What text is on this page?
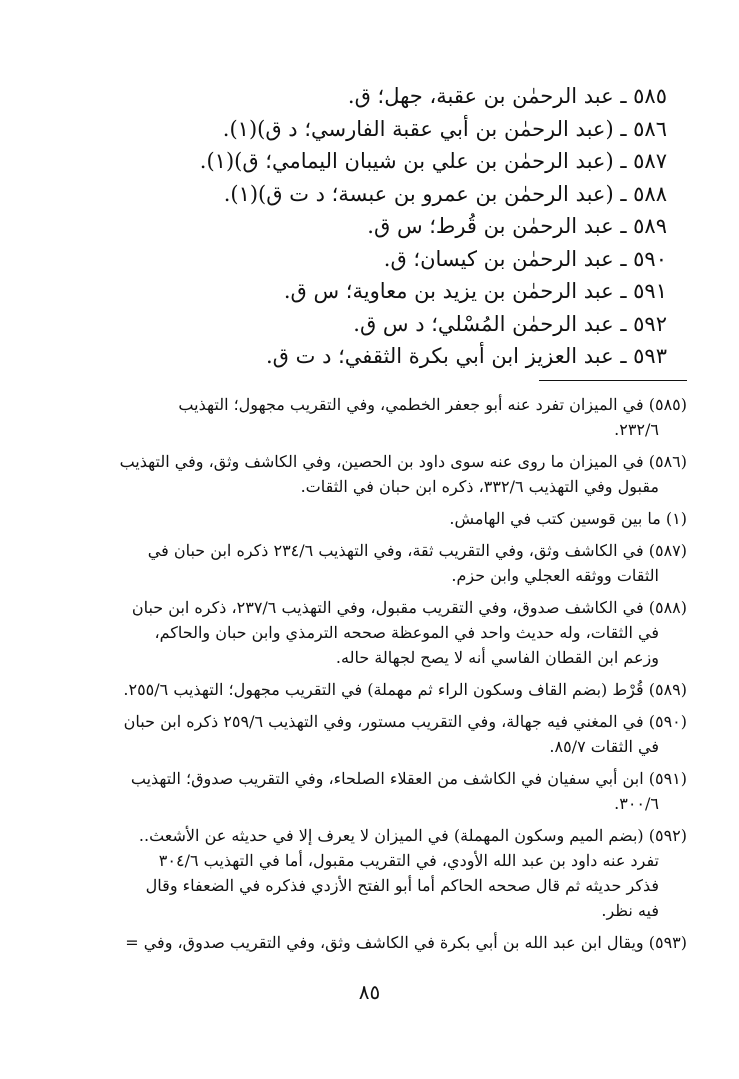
٥٨٥ ـ عبد الرحمٰن بن عقبة، جهل؛ ق.
٥٨٦ ـ (عبد الرحمٰن بن أبي عقبة الفارسي؛ د ق)(١).
٥٨٧ ـ (عبد الرحمٰن بن علي بن شيبان اليمامي؛ ق)(١).
٥٨٨ ـ (عبد الرحمٰن بن عمرو بن عبسة؛ د ت ق)(١).
٥٨٩ ـ عبد الرحمٰن بن قُرط؛ س ق.
٥٩٠ ـ عبد الرحمٰن بن كيسان؛ ق.
٥٩١ ـ عبد الرحمٰن بن يزيد بن معاوية؛ س ق.
٥٩٢ ـ عبد الرحمٰن المُسْلي؛ د س ق.
٥٩٣ ـ عبد العزيز ابن أبي بكرة الثقفي؛ د ت ق.
(٥٨٥) في الميزان تفرد عنه أبو جعفر الخطمي، وفي التقريب مجهول؛ التهذيب
٢٣٢/٦.
(٥٨٦) في الميزان ما روى عنه سوى داود بن الحصين، وفي الكاشف وثق، وفي التهذيب
مقبول وفي التهذيب ٣٣٢/٦، ذكره ابن حبان في الثقات.
(١) ما بين قوسين كتب في الهامش.
(٥٨٧) في الكاشف وثق، وفي التقريب ثقة، وفي التهذيب ٢٣٤/٦ ذكره ابن حبان في
الثقات ووثقه العجلي وابن حزم.
(٥٨٨) في الكاشف صدوق، وفي التقريب مقبول، وفي التهذيب ٢٣٧/٦، ذكره ابن حبان
في الثقات، وله حديث واحد في الموعظة صححه الترمذي وابن حبان والحاكم،
وزعم ابن القطان الفاسي أنه لا يصح لجهالة حاله.
(٥٨٩) قُرْط (بضم القاف وسكون الراء ثم مهملة) في التقريب مجهول؛ التهذيب ٢٥٥/٦.
(٥٩٠) في المغني فيه جهالة، وفي التقريب مستور، وفي التهذيب ٢٥٩/٦ ذكره ابن حبان
في الثقات ٨٥/٧.
(٥٩١) ابن أبي سفيان في الكاشف من العقلاء الصلحاء، وفي التقريب صدوق؛ التهذيب
٣٠٠/٦.
(٥٩٢) (بضم الميم وسكون المهملة) في الميزان لا يعرف إلا في حديثه عن الأشعث..
تفرد عنه داود بن عبد الله الأودي، في التقريب مقبول، أما في التهذيب ٣٠٤/٦
فذكر حديثه ثم قال صححه الحاكم أما أبو الفتح الأزدي فذكره في الضعفاء وقال
فيه نظر.
(٥٩٣) ويقال ابن عبد الله بن أبي بكرة في الكاشف وثق، وفي التقريب صدوق، وفي =
٨٥
